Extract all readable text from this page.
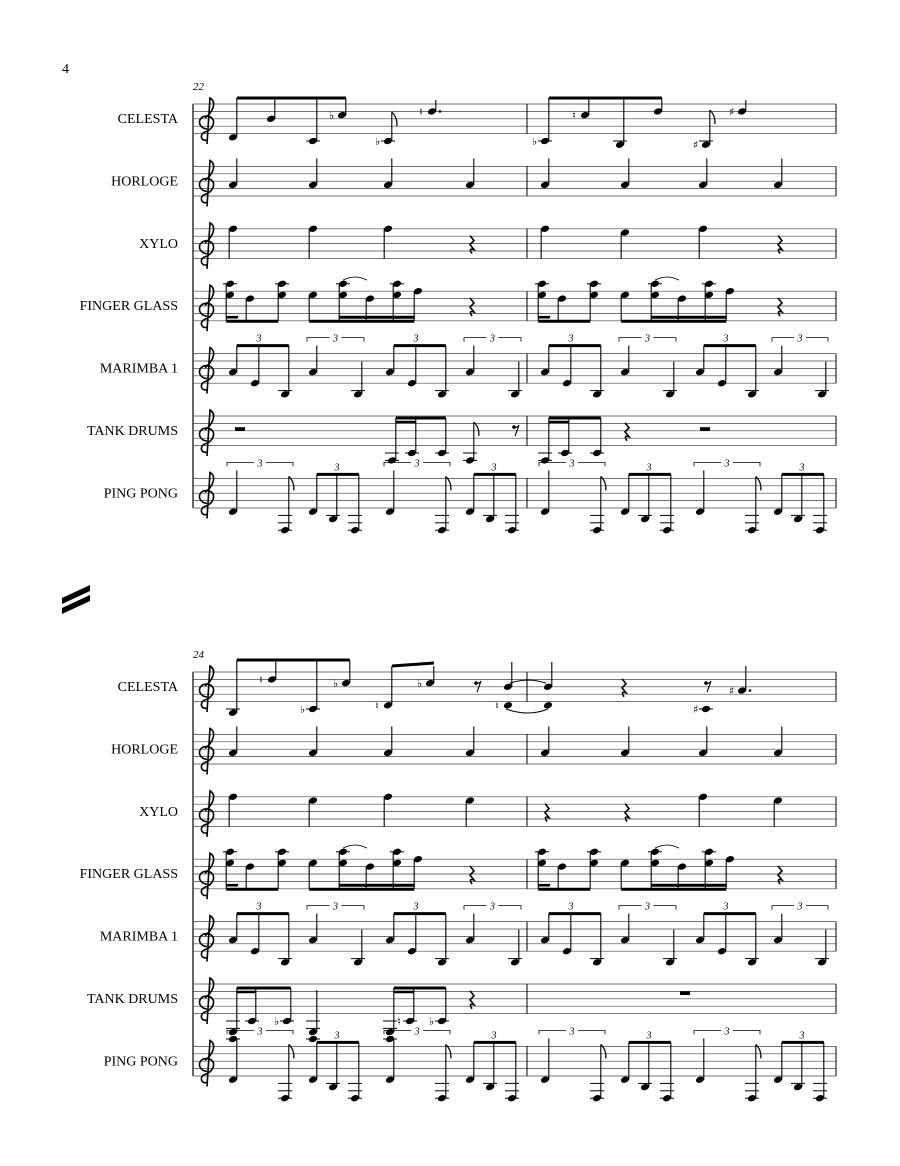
4
22
CELESTA	♭
♭
♮
♭
♮
♯
♯
HORLOGE
XYLO
FINGER GLASS
MARIMBA 1
3	3	3	3
3	3	3	3
TANK DRUMS
PING PONG
3	3	3	3
3	3	3	3
24
CELESTA
♮
♭
♭
♮
♭
♮	♯
♯
HORLOGE
XYLO
FINGER GLASS
MARIMBA 1
3	3	3	3
3	3	3	3
TANK DRUMS
♭	♮	♭
PING PONG
3	3	3	3
3	3	3	3
